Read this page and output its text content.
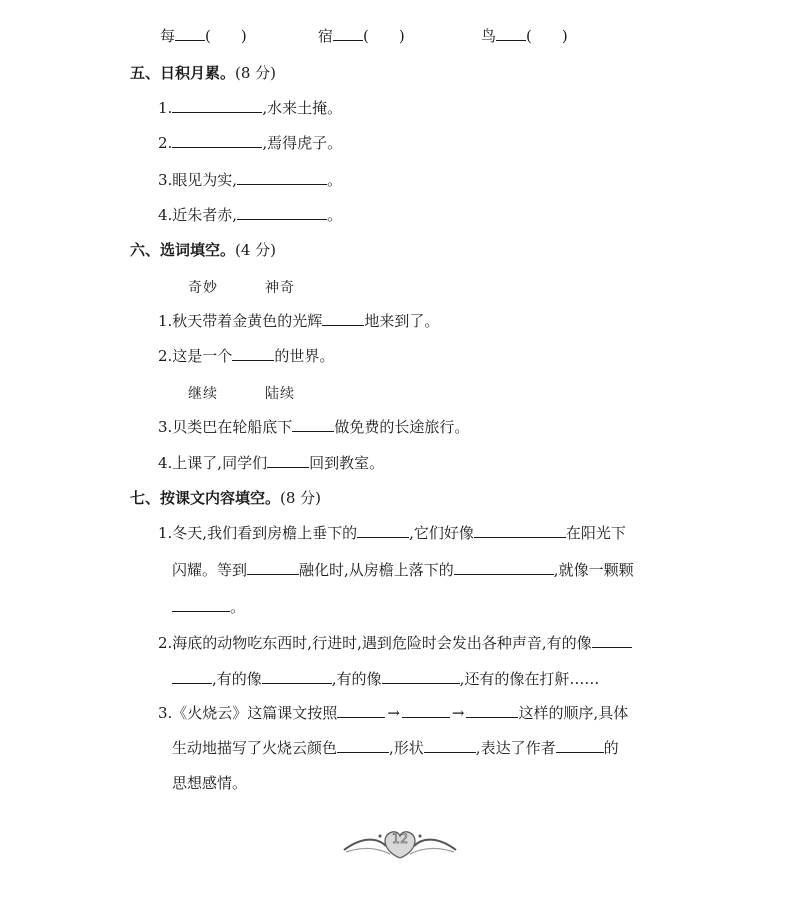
每 (　　)	宿 (　　)	鸟 (　　)
五、日积月累。(8 分)
1.	,水来土掩。
2.	,焉得虎子。
3.眼见为实,	。
4.近朱者赤,	。
六、选词填空。(4 分)
奇妙	神奇
1.秋天带着金黄色的光辉	地来到了。
2.这是一个	的世界。
继续	陆续
3.贝类巴在轮船底下	做免费的长途旅行。
4.上课了,同学们	回到教室。
七、按课文内容填空。(8 分)
1.冬天,我们看到房檐上垂下的	,它们好像	在阳光下
闪耀。等到	融化时,从房檐上落下的	,就像一颗颗
。
2.海底的动物吃东西时,行进时,遇到危险时会发出各种声音,有的像
,有的像	,有的像	,还有的像在打鼾……
3.《火烧云》这篇课文按照	→	→	这样的顺序,具体
生动地描写了火烧云颜色	,形状	,表达了作者	的
思想感情。
12
